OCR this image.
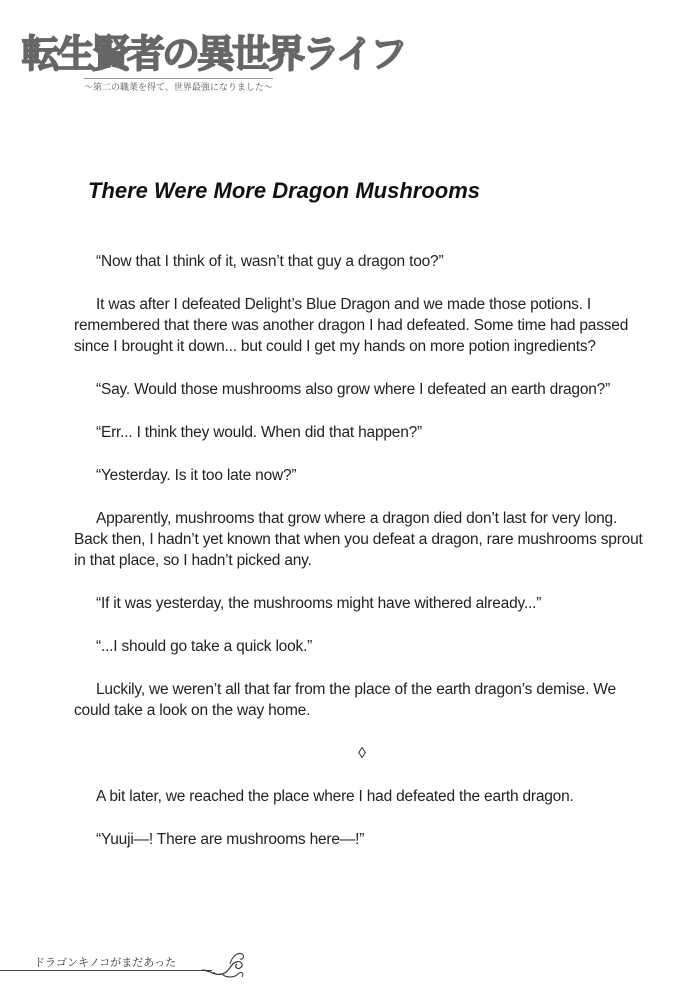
転生賢者の異世界ライフ
～第二の職業を得て、世界最強になりました～
There Were More Dragon Mushrooms

“Now that I think of it, wasn’t that guy a dragon too?”

It was after I defeated Delight’s Blue Dragon and we made those potions. I remembered that there was another dragon I had defeated. Some time had passed since I brought it down... but could I get my hands on more potion ingredients?

“Say. Would those mushrooms also grow where I defeated an earth dragon?”

“Err... I think they would. When did that happen?”

“Yesterday. Is it too late now?”

Apparently, mushrooms that grow where a dragon died don’t last for very long. Back then, I hadn’t yet known that when you defeat a dragon, rare mushrooms sprout in that place, so I hadn’t picked any.

“If it was yesterday, the mushrooms might have withered already...”

“...I should go take a quick look.”

Luckily, we weren’t all that far from the place of the earth dragon’s demise. We could take a look on the way home.

◊

A bit later, we reached the place where I had defeated the earth dragon.

“Yuuji—! There are mushrooms here—!”

ドラゴンキノコがまだあった
